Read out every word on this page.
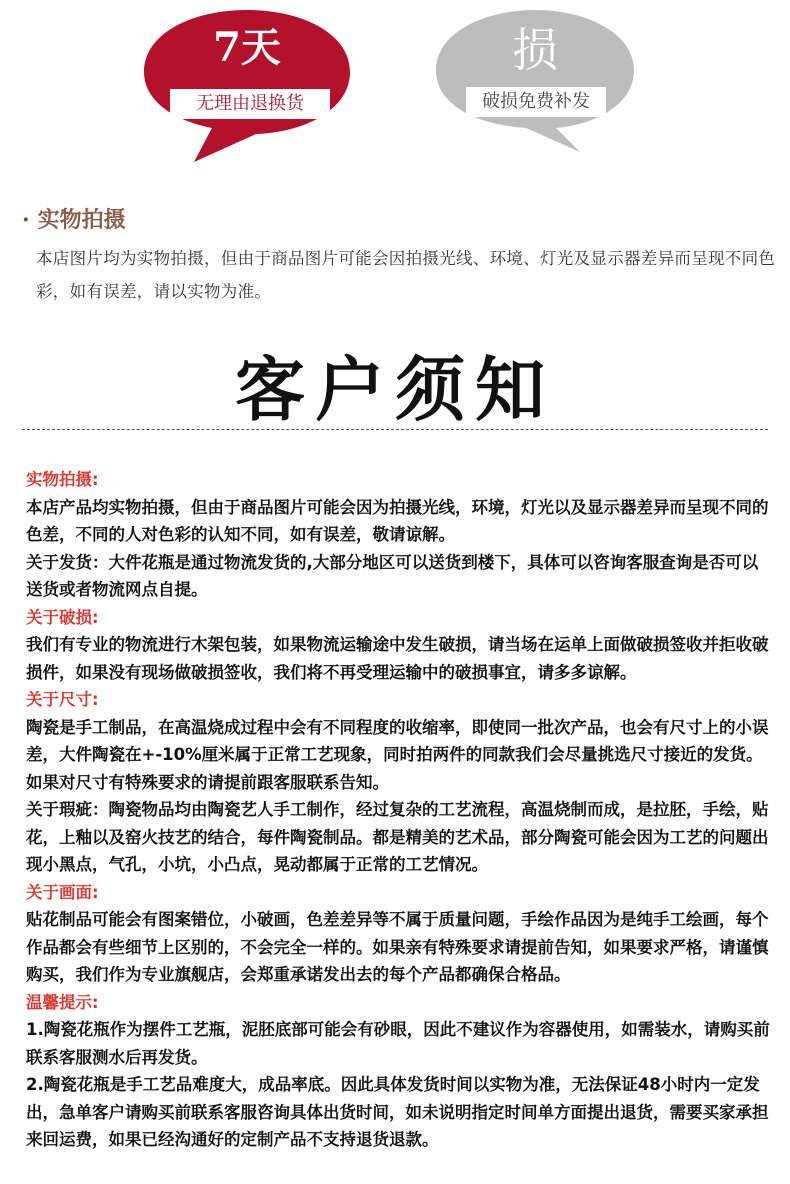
7天
无理由退换货
损
破损免费补发
· 实物拍摄
本店图片均为实物拍摄，但由于商品图片可能会因拍摄光线、环境、灯光及显示器差异而呈现不同色彩，如有误差，请以实物为准。
客户须知

实物拍摄:

本店产品均实物拍摄，但由于商品图片可能会因为拍摄光线，环境，灯光以及显示器差异而呈现不同的色差，不同的人对色彩的认知不同，如有误差，敬请谅解。

关于发货：大件花瓶是通过物流发货的,大部分地区可以送货到楼下，具体可以咨询客服查询是否可以送货或者物流网点自提。

关于破损:

我们有专业的物流进行木架包装，如果物流运输途中发生破损，请当场在运单上面做破损签收并拒收破损件，如果没有现场做破损签收，我们将不再受理运输中的破损事宜，请多多谅解。

关于尺寸:

陶瓷是手工制品，在高温烧成过程中会有不同程度的收缩率，即使同一批次产品，也会有尺寸上的小误差，大件陶瓷在+-10%厘米属于正常工艺现象，同时拍两件的同款我们会尽量挑选尺寸接近的发货。如果对尺寸有特殊要求的请提前跟客服联系告知。

关于瑕疵：陶瓷物品均由陶瓷艺人手工制作，经过复杂的工艺流程，高温烧制而成，是拉胚，手绘，贴花，上釉以及窑火技艺的结合，每件陶瓷制品。都是精美的艺术品，部分陶瓷可能会因为工艺的问题出现小黑点，气孔，小坑，小凸点，晃动都属于正常的工艺情况。

关于画面:

贴花制品可能会有图案错位，小破画，色差差异等不属于质量问题，手绘作品因为是纯手工绘画，每个作品都会有些细节上区别的，不会完全一样的。如果亲有特殊要求请提前告知，如果要求严格，请谨慎购买，我们作为专业旗舰店，会郑重承诺发出去的每个产品都确保合格品。

温馨提示:

1.陶瓷花瓶作为摆件工艺瓶，泥胚底部可能会有砂眼，因此不建议作为容器使用，如需装水，请购买前联系客服测水后再发货。

2.陶瓷花瓶是手工艺品难度大，成品率底。因此具体发货时间以实物为准，无法保证48小时内一定发出，急单客户请购买前联系客服咨询具体出货时间，如未说明指定时间单方面提出退货，需要买家承担来回运费，如果已经沟通好的定制产品不支持退货退款。
